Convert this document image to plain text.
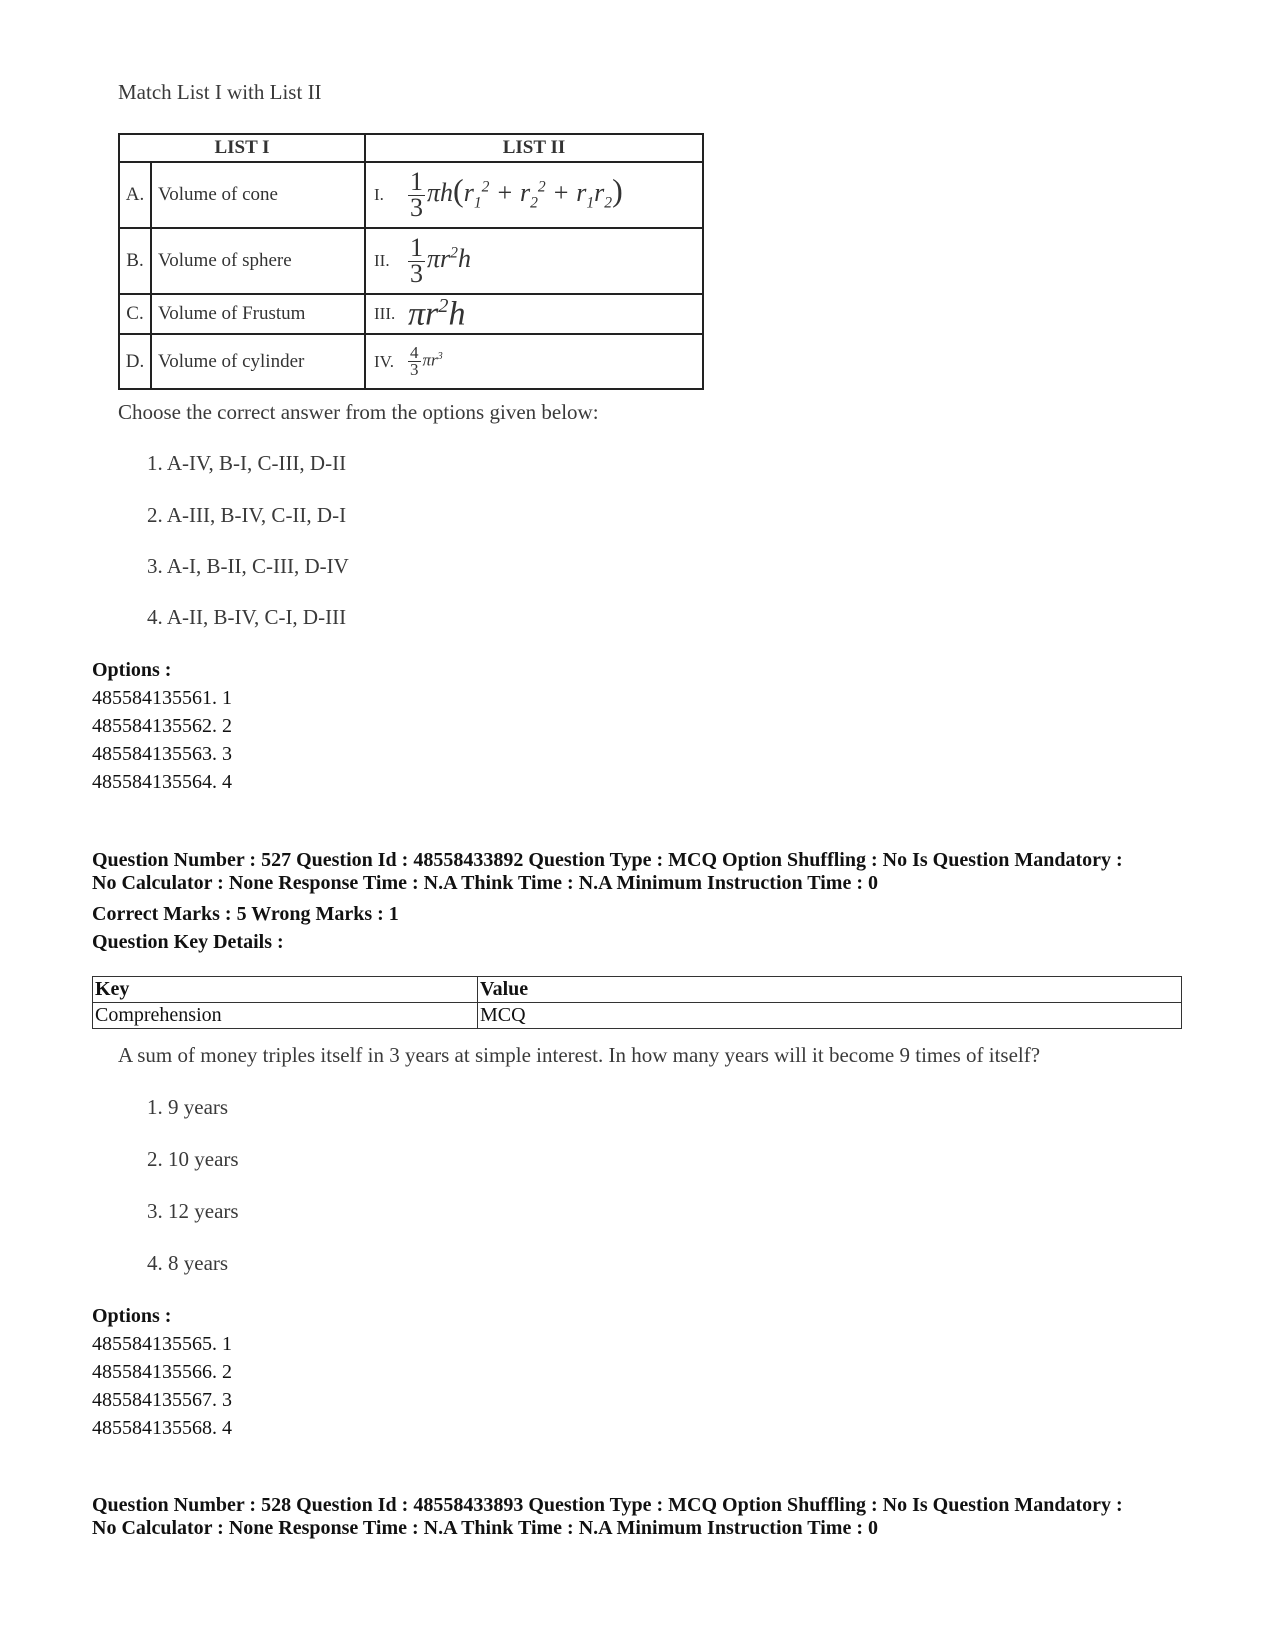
Match List I with List II
LIST I		LIST II	
A.	Volume of cone	I.	$\frac{1}{3} \pi h(r_1^2 + r_2^2 + r_1r_2)$
B.	Volume of sphere	II.	$\frac{1}{3} \pi r^2h$
C.	Volume of Frustum	III.	$\pi r^2h$
D.	Volume of cylinder	IV.	$\frac{4}{3} \pi r^3$
Choose the correct answer from the options given below:
1. A-IV, B-I, C-III, D-II
2. A-III, B-IV, C-II, D-I
3. A-I, B-II, C-III, D-IV
4. A-II, B-IV, C-I, D-III
Options :
485584135561. 1
485584135562. 2
485584135563. 3
485584135564. 4
Question Number : 527 Question Id : 48558433892 Question Type : MCQ Option Shuffling : No Is Question Mandatory :
No Calculator : None Response Time : N.A Think Time : N.A Minimum Instruction Time : 0
Correct Marks : 5 Wrong Marks : 1
Question Key Details :
Key	Value
Comprehension	MCQ
A sum of money triples itself in 3 years at simple interest. In how many years will it become 9 times of itself?
1. 9 years
2. 10 years
3. 12 years
4. 8 years
Options :
485584135565. 1
485584135566. 2
485584135567. 3
485584135568. 4
Question Number : 528 Question Id : 48558433893 Question Type : MCQ Option Shuffling : No Is Question Mandatory :
No Calculator : None Response Time : N.A Think Time : N.A Minimum Instruction Time : 0
